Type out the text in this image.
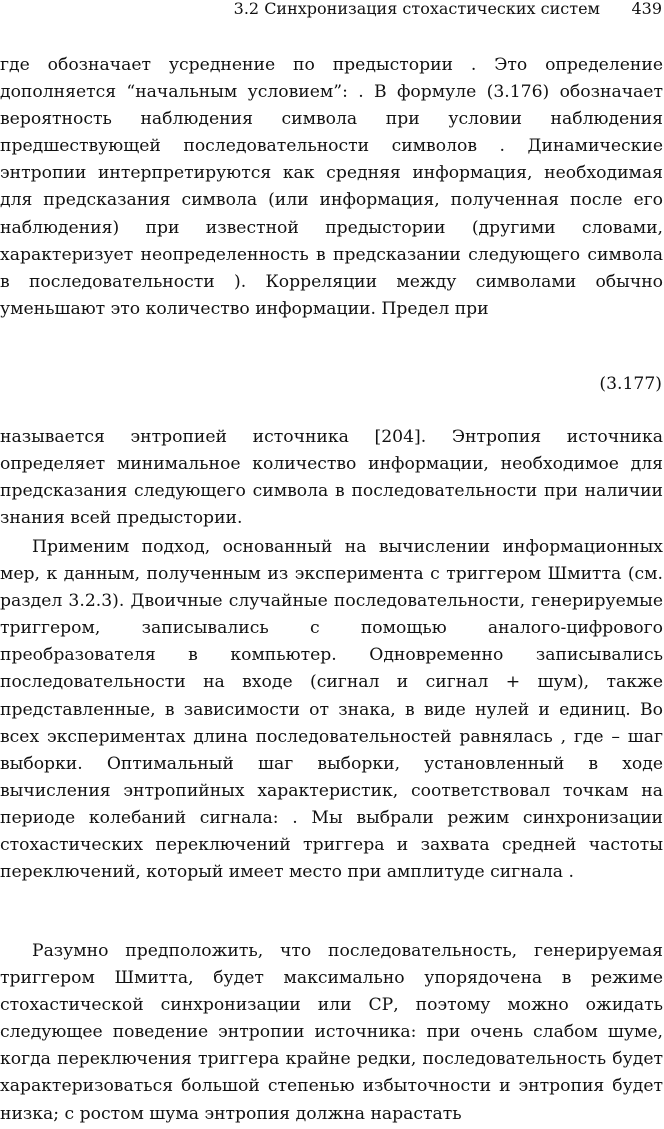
3.2 Синхронизация стохастических систем 439

где обозначает усреднение по предыстории . Это определение дополняется “начальным условием”: . В формуле (3.176) обозначает вероятность наблюдения символа при условии наблюдения предшествующей последовательности символов . Динамические энтропии интерпретируются как средняя информация, необходимая для предсказания символа (или информация, полученная после его наблюдения) при известной предыстории (другими словами, характеризует неопределенность в предсказании следующего символа в последовательности ). Корреляции между символами обычно уменьшают это количество информации. Предел при

(3.177)

называется энтропией источника [204]. Энтропия источника определяет минимальное количество информации, необходимое для предсказания следующего символа в последовательности при наличии знания всей предыстории.

Применим подход, основанный на вычислении информационных мер, к данным, полученным из эксперимента с триггером Шмитта (см. раздел 3.2.3). Двоичные случайные последовательности, генерируемые триггером, записывались с помощью аналого-цифрового преобразователя в компьютер. Одновременно записывались последовательности на входе (сигнал и сигнал + шум), также представленные, в зависимости от знака, в виде нулей и единиц. Во всех экспериментах длина последовательностей равнялась , где – шаг выборки. Оптимальный шаг выборки, установленный в ходе вычисления энтропийных характеристик, соответствовал точкам на периоде колебаний сигнала: . Мы выбрали режим синхронизации стохастических переключений триггера и захвата средней частоты переключений, который имеет место при амплитуде сигнала .

Разумно предположить, что последовательность, генерируемая триггером Шмитта, будет максимально упорядочена в режиме стохастической синхронизации или СР, поэтому можно ожидать следующее поведение энтропии источника: при очень слабом шуме, когда переключения триггера крайне редки, последовательность будет характеризоваться большой степенью избыточности и энтропия будет низка; с ростом шума энтропия должна нарастать
